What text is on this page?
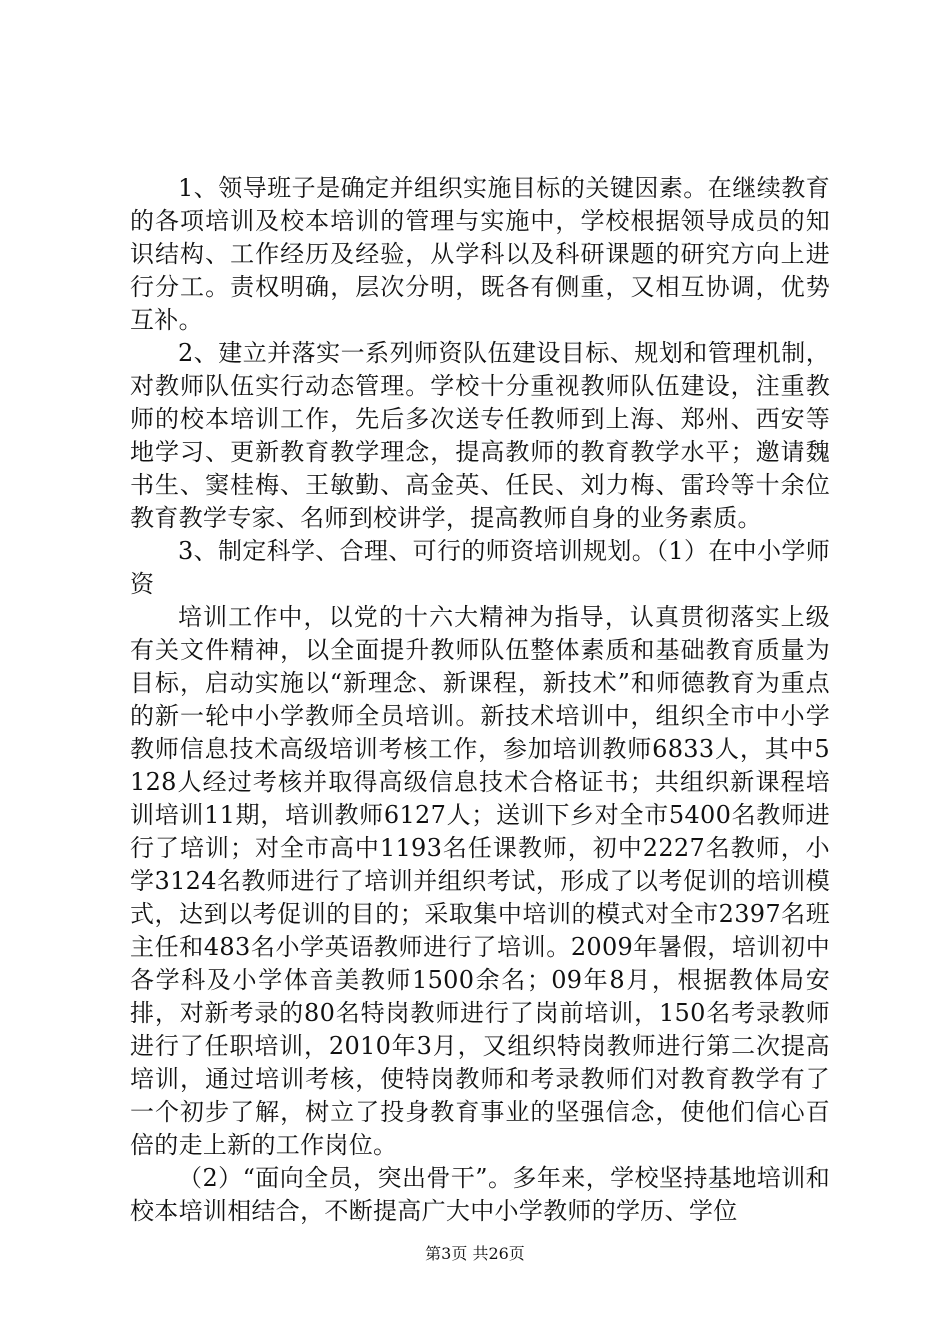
1、领导班子是确定并组织实施目标的关键因素。在继续教育的各项培训及校本培训的管理与实施中，学校根据领导成员的知识结构、工作经历及经验，从学科以及科研课题的研究方向上进行分工。责权明确，层次分明，既各有侧重，又相互协调，优势互补。

2、建立并落实一系列师资队伍建设目标、规划和管理机制，对教师队伍实行动态管理。学校十分重视教师队伍建设，注重教师的校本培训工作，先后多次送专任教师到上海、郑州、西安等地学习、更新教育教学理念，提高教师的教育教学水平；邀请魏书生、窦桂梅、王敏勤、高金英、任民、刘力梅、雷玲等十余位教育教学专家、名师到校讲学，提高教师自身的业务素质。

3、制定科学、合理、可行的师资培训规划。（1）在中小学师资

培训工作中，以党的十六大精神为指导，认真贯彻落实上级有关文件精神，以全面提升教师队伍整体素质和基础教育质量为目标，启动实施以“新理念、新课程，新技术”和师德教育为重点的新一轮中小学教师全员培训。新技术培训中，组织全市中小学教师信息技术高级培训考核工作，参加培训教师6833人，其中5128人经过考核并取得高级信息技术合格证书；共组织新课程培训培训11期，培训教师6127人；送训下乡对全市5400名教师进行了培训；对全市高中1193名任课教师，初中2227名教师，小学3124名教师进行了培训并组织考试，形成了以考促训的培训模式，达到以考促训的目的；采取集中培训的模式对全市2397名班主任和483名小学英语教师进行了培训。2009年暑假，培训初中各学科及小学体音美教师1500余名；09年8月，根据教体局安排，对新考录的80名特岗教师进行了岗前培训，150名考录教师进行了任职培训，2010年3月，又组织特岗教师进行第二次提高培训，通过培训考核，使特岗教师和考录教师们对教育教学有了一个初步了解，树立了投身教育事业的坚强信念，使他们信心百倍的走上新的工作岗位。

（2）“面向全员，突出骨干”。多年来，学校坚持基地培训和校本培训相结合，不断提高广大中小学教师的学历、学位

第3页 共26页
